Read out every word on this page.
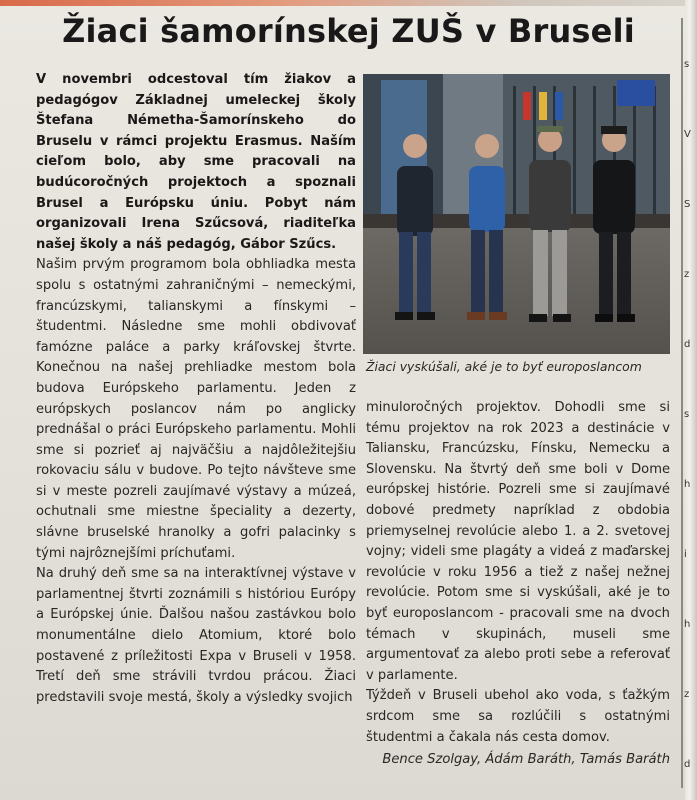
s
V
S
z
d
s
h
i
h
z
d
Žiaci šamorínskej ZUŠ v Bruseli

V novembri odcestoval tím žiakov a pedagógov Základnej umeleckej školy Štefana Németha-Šamorínskeho do Bruselu v rámci projektu Erasmus. Naším cieľom bolo, aby sme pracovali na budúcoročných projektoch a spoznali Brusel a Európsku úniu. Pobyt nám organizovali Irena Szűcsová, riaditeľka našej školy a náš pedagóg, Gábor Szűcs.

Našim prvým programom bola obhliadka mesta spolu s ostatnými zahraničnými – nemeckými, francúzskymi, talianskymi a fínskymi – študentmi. Následne sme mohli obdivovať famózne paláce a parky kráľovskej štvrte. Konečnou na našej prehliadke mestom bola budova Európskeho parlamentu. Jeden z európskych poslancov nám po anglicky prednášal o práci Európskeho parlamentu. Mohli sme si pozrieť aj najväčšiu a najdôležitejšiu rokovaciu sálu v budove. Po tejto návšteve sme si v meste pozreli zaujímavé výstavy a múzeá, ochutnali sme miestne špeciality a dezerty, slávne bruselské hranolky a gofri palacinky s tými najrôznejšími príchuťami.

Na druhý deň sme sa na interaktívnej výstave v parlamentnej štvrti zoznámili s históriou Európy a Európskej únie. Ďalšou našou zastávkou bolo monumentálne dielo Atomium, ktoré bolo postavené z príležitosti Expa v Bruseli v 1958. Tretí deň sme strávili tvrdou prácou. Žiaci predstavili svoje mestá, školy a výsledky svojich

Žiaci vyskúšali, aké je to byť europoslancom

minuloročných projektov. Dohodli sme si tému projektov na rok 2023 a destinácie v Taliansku, Francúzsku, Fínsku, Nemecku a Slovensku. Na štvrtý deň sme boli v Dome európskej histórie. Pozreli sme si zaujímavé dobové predmety napríklad z obdobia priemyselnej revolúcie alebo 1. a 2. svetovej vojny; videli sme plagáty a videá z maďarskej revolúcie v roku 1956 a tiež z našej nežnej revolúcie. Potom sme si vyskúšali, aké je to byť europoslancom - pracovali sme na dvoch témach v skupinách, museli sme argumentovať za alebo proti sebe a referovať v parlamente.

Týždeň v Bruseli ubehol ako voda, s ťažkým srdcom sme sa rozlúčili s ostatnými študentmi a čakala nás cesta domov.

Bence Szolgay, Ádám Baráth, Tamás Baráth
